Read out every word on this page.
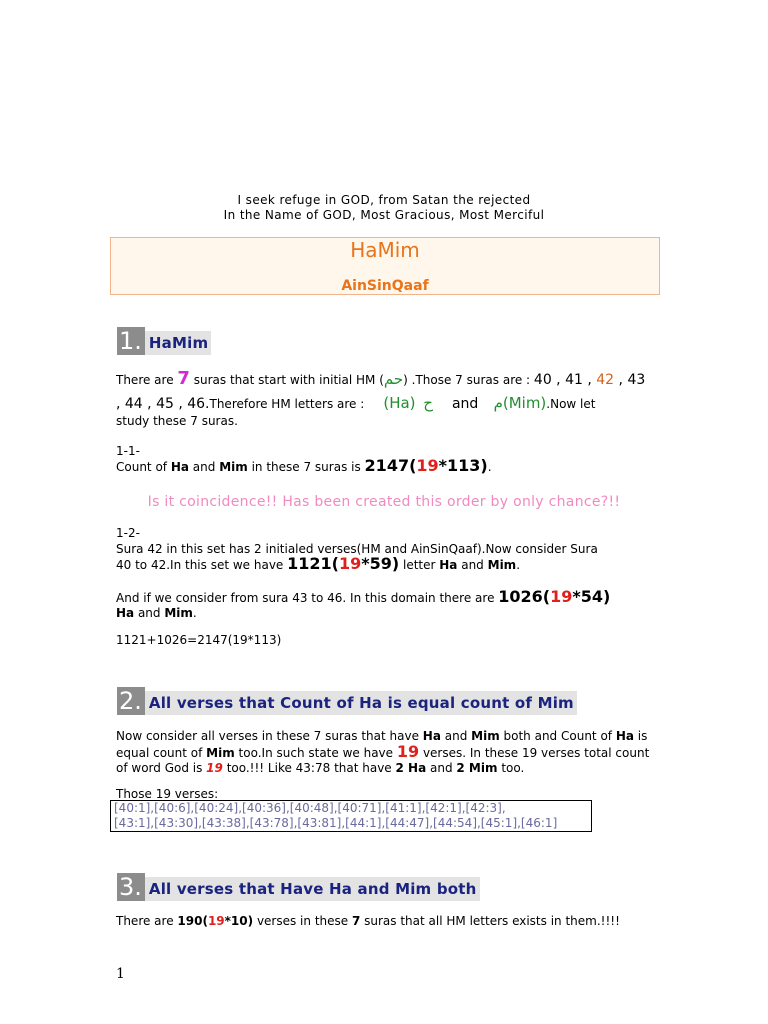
I seek refuge in GOD, from Satan the rejected
In the Name of GOD, Most Gracious, Most Merciful
HaMim
AinSinQaaf
1. HaMim
There are 7 suras that start with initial HM (حم) .Those 7 suras are : 40 , 41 , 42 , 43
, 44 , 45 , 46.Therefore HM letters are : (Ha) ح and م(Mim).Now let
study these 7 suras.
1-1-
Count of Ha and Mim in these 7 suras is 2147(19*113).
Is it coincidence!! Has been created this order by only chance?!!
1-2-
Sura 42 in this set has 2 initialed verses(HM and AinSinQaaf).Now consider Sura
40 to 42.In this set we have 1121(19*59) letter Ha and Mim.
And if we consider from sura 43 to 46. In this domain there are 1026(19*54)
Ha and Mim.
1121+1026=2147(19*113)
2. All verses that Count of Ha is equal count of Mim
Now consider all verses in these 7 suras that have Ha and Mim both and Count of Ha is
equal count of Mim too.In such state we have 19 verses. In these 19 verses total count
of word God is 19 too.!!! Like 43:78 that have 2 Ha and 2 Mim too.
Those 19 verses:
[40:1],[40:6],[40:24],[40:36],[40:48],[40:71],[41:1],[42:1],[42:3],
[43:1],[43:30],[43:38],[43:78],[43:81],[44:1],[44:47],[44:54],[45:1],[46:1]
3. All verses that Have Ha and Mim both
There are 190(19*10) verses in these 7 suras that all HM letters exists in them.!!!!
1
